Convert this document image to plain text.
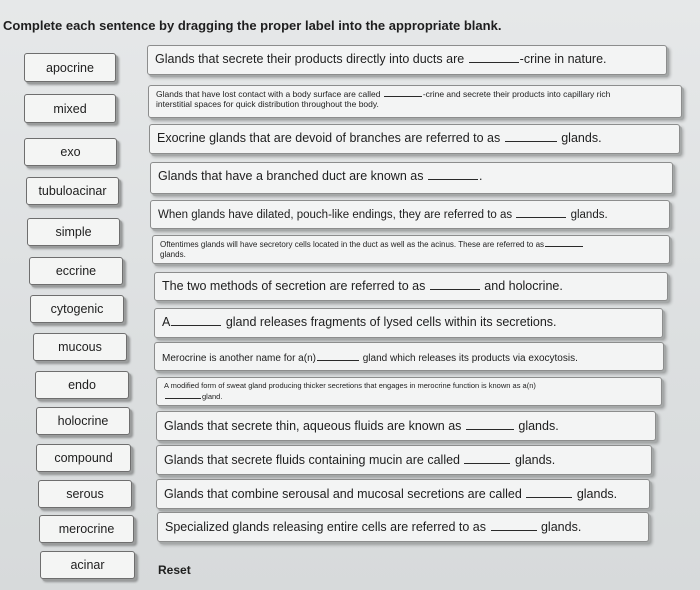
Complete each sentence by dragging the proper label into the appropriate blank.
apocrine
mixed
exo
tubuloacinar
simple
eccrine
cytogenic
mucous
endo
holocrine
compound
serous
merocrine
acinar
Glands that secrete their products directly into ducts are	-crine in nature.
Glands that have lost contact with a body surface are called	-crine and secrete their products into capillary rich
interstitial spaces for quick distribution throughout the body.
Exocrine glands that are devoid of branches are referred to as	glands.
Glands that have a branched duct are known as	.
When glands have dilated, pouch-like endings, they are referred to as	glands.
Oftentimes glands will have secretory cells located in the duct as well as the acinus. These are referred to as
glands.
The two methods of secretion are referred to as	and holocrine.
A	gland releases fragments of lysed cells within its secretions.
Merocrine is another name for a(n)	gland which releases its products via exocytosis.
A modified form of sweat gland producing thicker secretions that engages in merocrine function is known as a(n)
gland.
Glands that secrete thin, aqueous fluids are known as	glands.
Glands that secrete fluids containing mucin are called	glands.
Glands that combine serousal and mucosal secretions are called	glands.
Specialized glands releasing entire cells are referred to as	glands.
Reset
